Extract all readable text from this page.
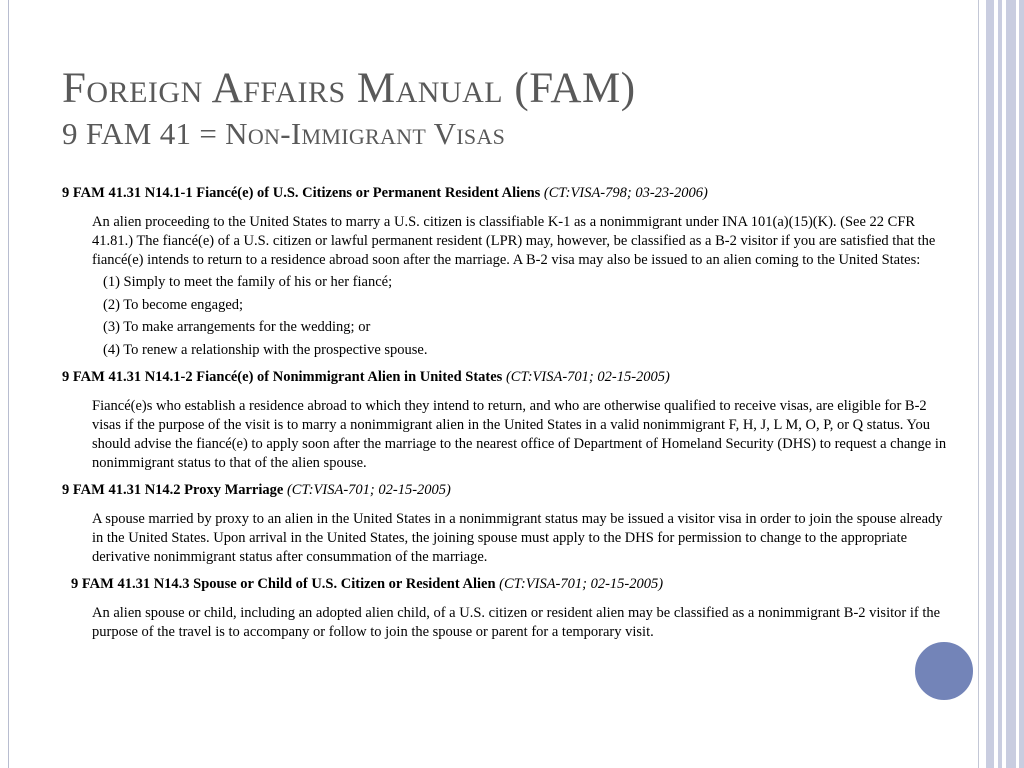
Foreign Affairs Manual (FAM)
9 FAM 41 = Non-Immigrant Visas
9 FAM 41.31 N14.1-1 Fiancé(e) of U.S. Citizens or Permanent Resident Aliens (CT:VISA-798; 03-23-2006)

An alien proceeding to the United States to marry a U.S. citizen is classifiable K-1 as a nonimmigrant under INA 101(a)(15)(K). (See 22 CFR 41.81.) The fiancé(e) of a U.S. citizen or lawful permanent resident (LPR) may, however, be classified as a B-2 visitor if you are satisfied that the fiancé(e) intends to return to a residence abroad soon after the marriage. A B-2 visa may also be issued to an alien coming to the United States:

(1) Simply to meet the family of his or her fiancé;
(2) To become engaged;
(3) To make arrangements for the wedding; or
(4) To renew a relationship with the prospective spouse.
9 FAM 41.31 N14.1-2 Fiancé(e) of Nonimmigrant Alien in United States (CT:VISA-701; 02-15-2005)

Fiancé(e)s who establish a residence abroad to which they intend to return, and who are otherwise qualified to receive visas, are eligible for B-2 visas if the purpose of the visit is to marry a nonimmigrant alien in the United States in a valid nonimmigrant F, H, J, L M, O, P, or Q status. You should advise the fiancé(e) to apply soon after the marriage to the nearest office of Department of Homeland Security (DHS) to request a change in nonimmigrant status to that of the alien spouse.

9 FAM 41.31 N14.2 Proxy Marriage (CT:VISA-701; 02-15-2005)

A spouse married by proxy to an alien in the United States in a nonimmigrant status may be issued a visitor visa in order to join the spouse already in the United States. Upon arrival in the United States, the joining spouse must apply to the DHS for permission to change to the appropriate derivative nonimmigrant status after consummation of the marriage.

9 FAM 41.31 N14.3 Spouse or Child of U.S. Citizen or Resident Alien (CT:VISA-701; 02-15-2005)

An alien spouse or child, including an adopted alien child, of a U.S. citizen or resident alien may be classified as a nonimmigrant B-2 visitor if the purpose of the travel is to accompany or follow to join the spouse or parent for a temporary visit.
